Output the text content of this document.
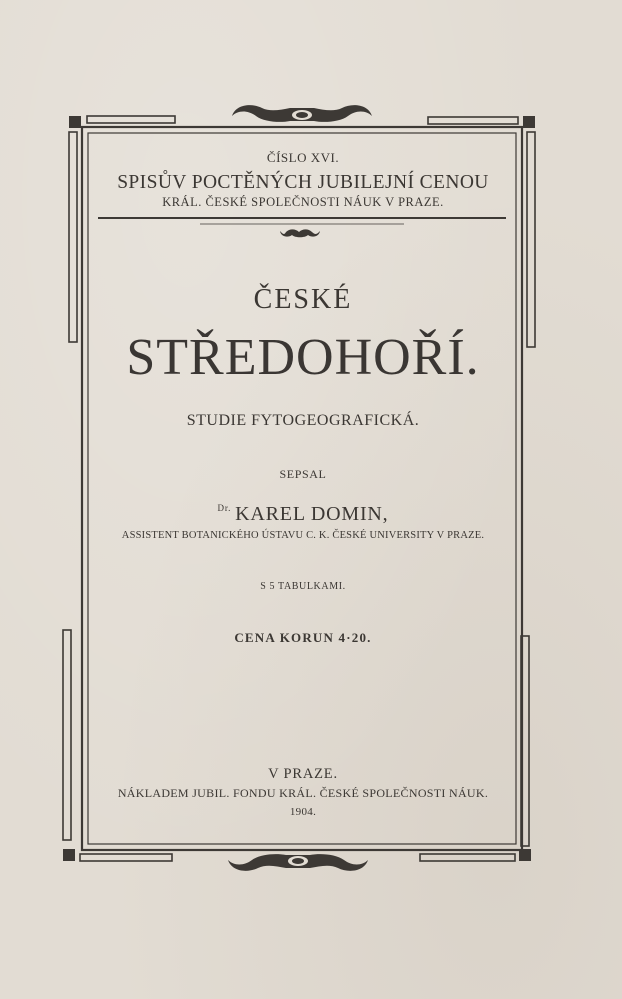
ČÍSLO XVI.
SPISŮV POCTĚNÝCH JUBILEJNÍ CENOU
KRÁL. ČESKÉ SPOLEČNOSTI NÁUK V PRAZE.
ČESKÉ
STŘEDOHOŘÍ.
STUDIE FYTOGEOGRAFICKÁ.
SEPSAL
$^{Dr.}$ KAREL DOMIN,
ASSISTENT BOTANICKÉHO ÚSTAVU C. K. ČESKÉ UNIVERSITY V PRAZE.
S 5 TABULKAMI.
CENA KORUN 4·20.
V PRAZE.
NÁKLADEM JUBIL. FONDU KRÁL. ČESKÉ SPOLEČNOSTI NÁUK.
1904.
